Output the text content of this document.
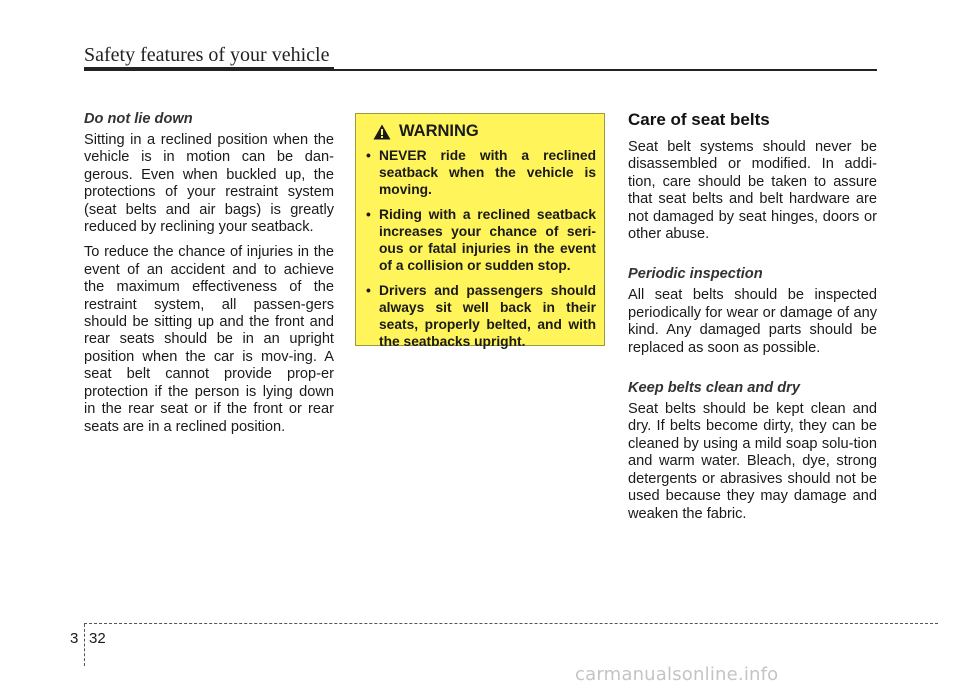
Safety features of your vehicle
Do not lie down

Sitting in a reclined position when the vehicle is in motion can be dan-gerous. Even when buckled up, the protections of your restraint system (seat belts and air bags) is greatly reduced by reclining your seatback.

To reduce the chance of injuries in the event of an accident and to achieve the maximum effectiveness of the restraint system, all passen-gers should be sitting up and the front and rear seats should be in an upright position when the car is mov-ing. A seat belt cannot provide prop-er protection if the person is lying down in the rear seat or if the front or rear seats are in a reclined position.

WARNING
• NEVER ride with a reclined seatback when the vehicle is moving.
• Riding with a reclined seatback increases your chance of seri-ous or fatal injuries in the event of a collision or sudden stop.
• Drivers and passengers should always sit well back in their seats, properly belted, and with the seatbacks upright.
Care of seat belts

Seat belt systems should never be disassembled or modified. In addi-tion, care should be taken to assure that seat belts and belt hardware are not damaged by seat hinges, doors or other abuse.

Periodic inspection

All seat belts should be inspected periodically for wear or damage of any kind. Any damaged parts should be replaced as soon as possible.

Keep belts clean and dry

Seat belts should be kept clean and dry. If belts become dirty, they can be cleaned by using a mild soap solu-tion and warm water. Bleach, dye, strong detergents or abrasives should not be used because they may damage and weaken the fabric.

3 32
carmanualsonline.info
